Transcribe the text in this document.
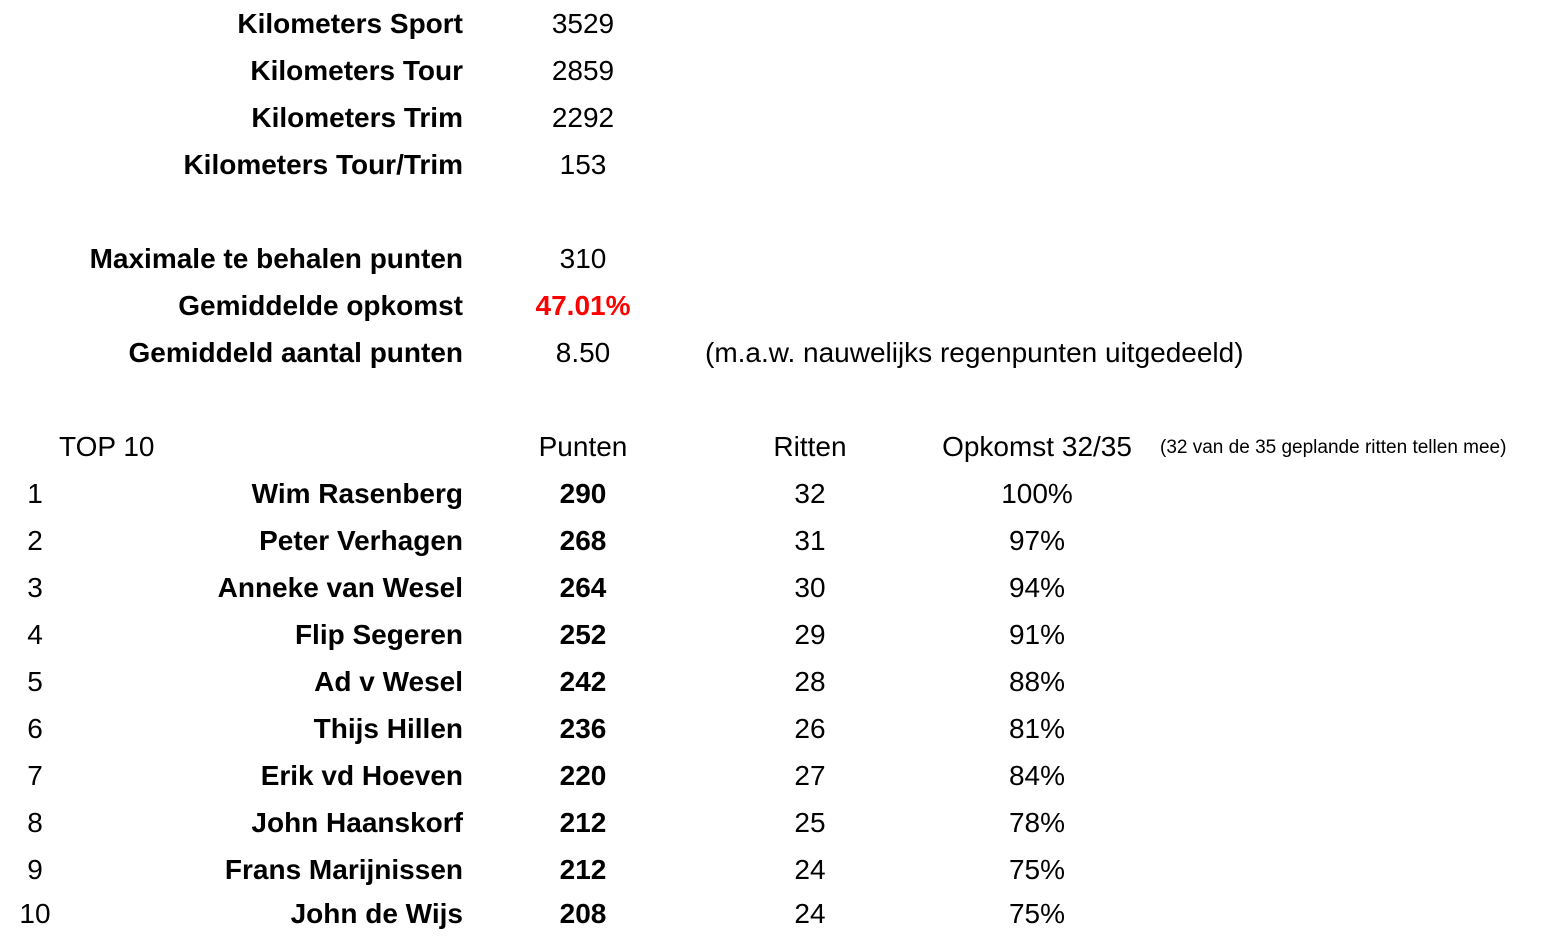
Kilometers Sport	3529
Kilometers Tour	2859
Kilometers Trim	2292
Kilometers Tour/Trim	153
Maximale te behalen punten	310
Gemiddelde opkomst	47.01%
Gemiddeld aantal punten	8.50	(m.a.w. nauwelijks regenpunten uitgedeeld)
TOP 10	Punten	Ritten	Opkomst 32/35	(32 van de 35 geplande ritten tellen mee)
1	Wim Rasenberg	290	32	100%
2	Peter Verhagen	268	31	97%
3	Anneke van Wesel	264	30	94%
4	Flip Segeren	252	29	91%
5	Ad v Wesel	242	28	88%
6	Thijs Hillen	236	26	81%
7	Erik vd Hoeven	220	27	84%
8	John Haanskorf	212	25	78%
9	Frans Marijnissen	212	24	75%
10	John de Wijs	208	24	75%
